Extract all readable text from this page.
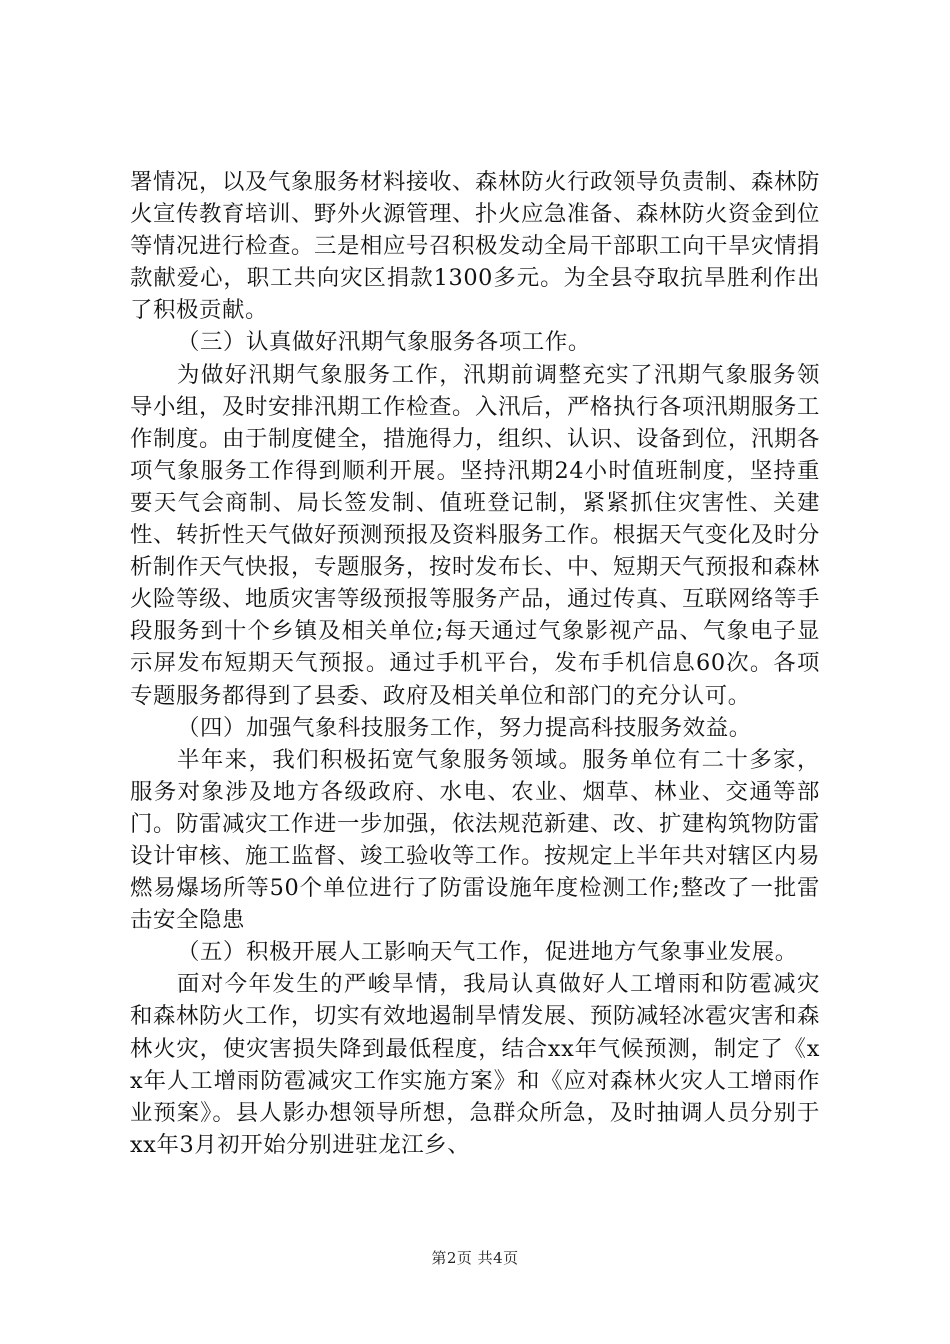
署情况，以及气象服务材料接收、森林防火行政领导负责制、森林防火宣传教育培训、野外火源管理、扑火应急准备、森林防火资金到位等情况进行检查。三是相应号召积极发动全局干部职工向干旱灾情捐款献爱心，职工共向灾区捐款1300多元。为全县夺取抗旱胜利作出了积极贡献。

（三）认真做好汛期气象服务各项工作。

为做好汛期气象服务工作，汛期前调整充实了汛期气象服务领导小组，及时安排汛期工作检查。入汛后，严格执行各项汛期服务工作制度。由于制度健全，措施得力，组织、认识、设备到位，汛期各项气象服务工作得到顺利开展。坚持汛期24小时值班制度，坚持重要天气会商制、局长签发制、值班登记制，紧紧抓住灾害性、关建性、转折性天气做好预测预报及资料服务工作。根据天气变化及时分析制作天气快报，专题服务，按时发布长、中、短期天气预报和森林火险等级、地质灾害等级预报等服务产品，通过传真、互联网络等手段服务到十个乡镇及相关单位;每天通过气象影视产品、气象电子显示屏发布短期天气预报。通过手机平台，发布手机信息60次。各项专题服务都得到了县委、政府及相关单位和部门的充分认可。

（四）加强气象科技服务工作，努力提高科技服务效益。

半年来，我们积极拓宽气象服务领域。服务单位有二十多家，服务对象涉及地方各级政府、水电、农业、烟草、林业、交通等部门。防雷减灾工作进一步加强，依法规范新建、改、扩建构筑物防雷设计审核、施工监督、竣工验收等工作。按规定上半年共对辖区内易燃易爆场所等50个单位进行了防雷设施年度检测工作;整改了一批雷击安全隐患

（五）积极开展人工影响天气工作，促进地方气象事业发展。

面对今年发生的严峻旱情，我局认真做好人工增雨和防雹减灾和森林防火工作，切实有效地遏制旱情发展、预防减轻冰雹灾害和森林火灾，使灾害损失降到最低程度，结合xx年气候预测，制定了《xx年人工增雨防雹减灾工作实施方案》和《应对森林火灾人工增雨作业预案》。县人影办想领导所想，急群众所急，及时抽调人员分别于xx年3月初开始分别进驻龙江乡、

第2页 共4页
